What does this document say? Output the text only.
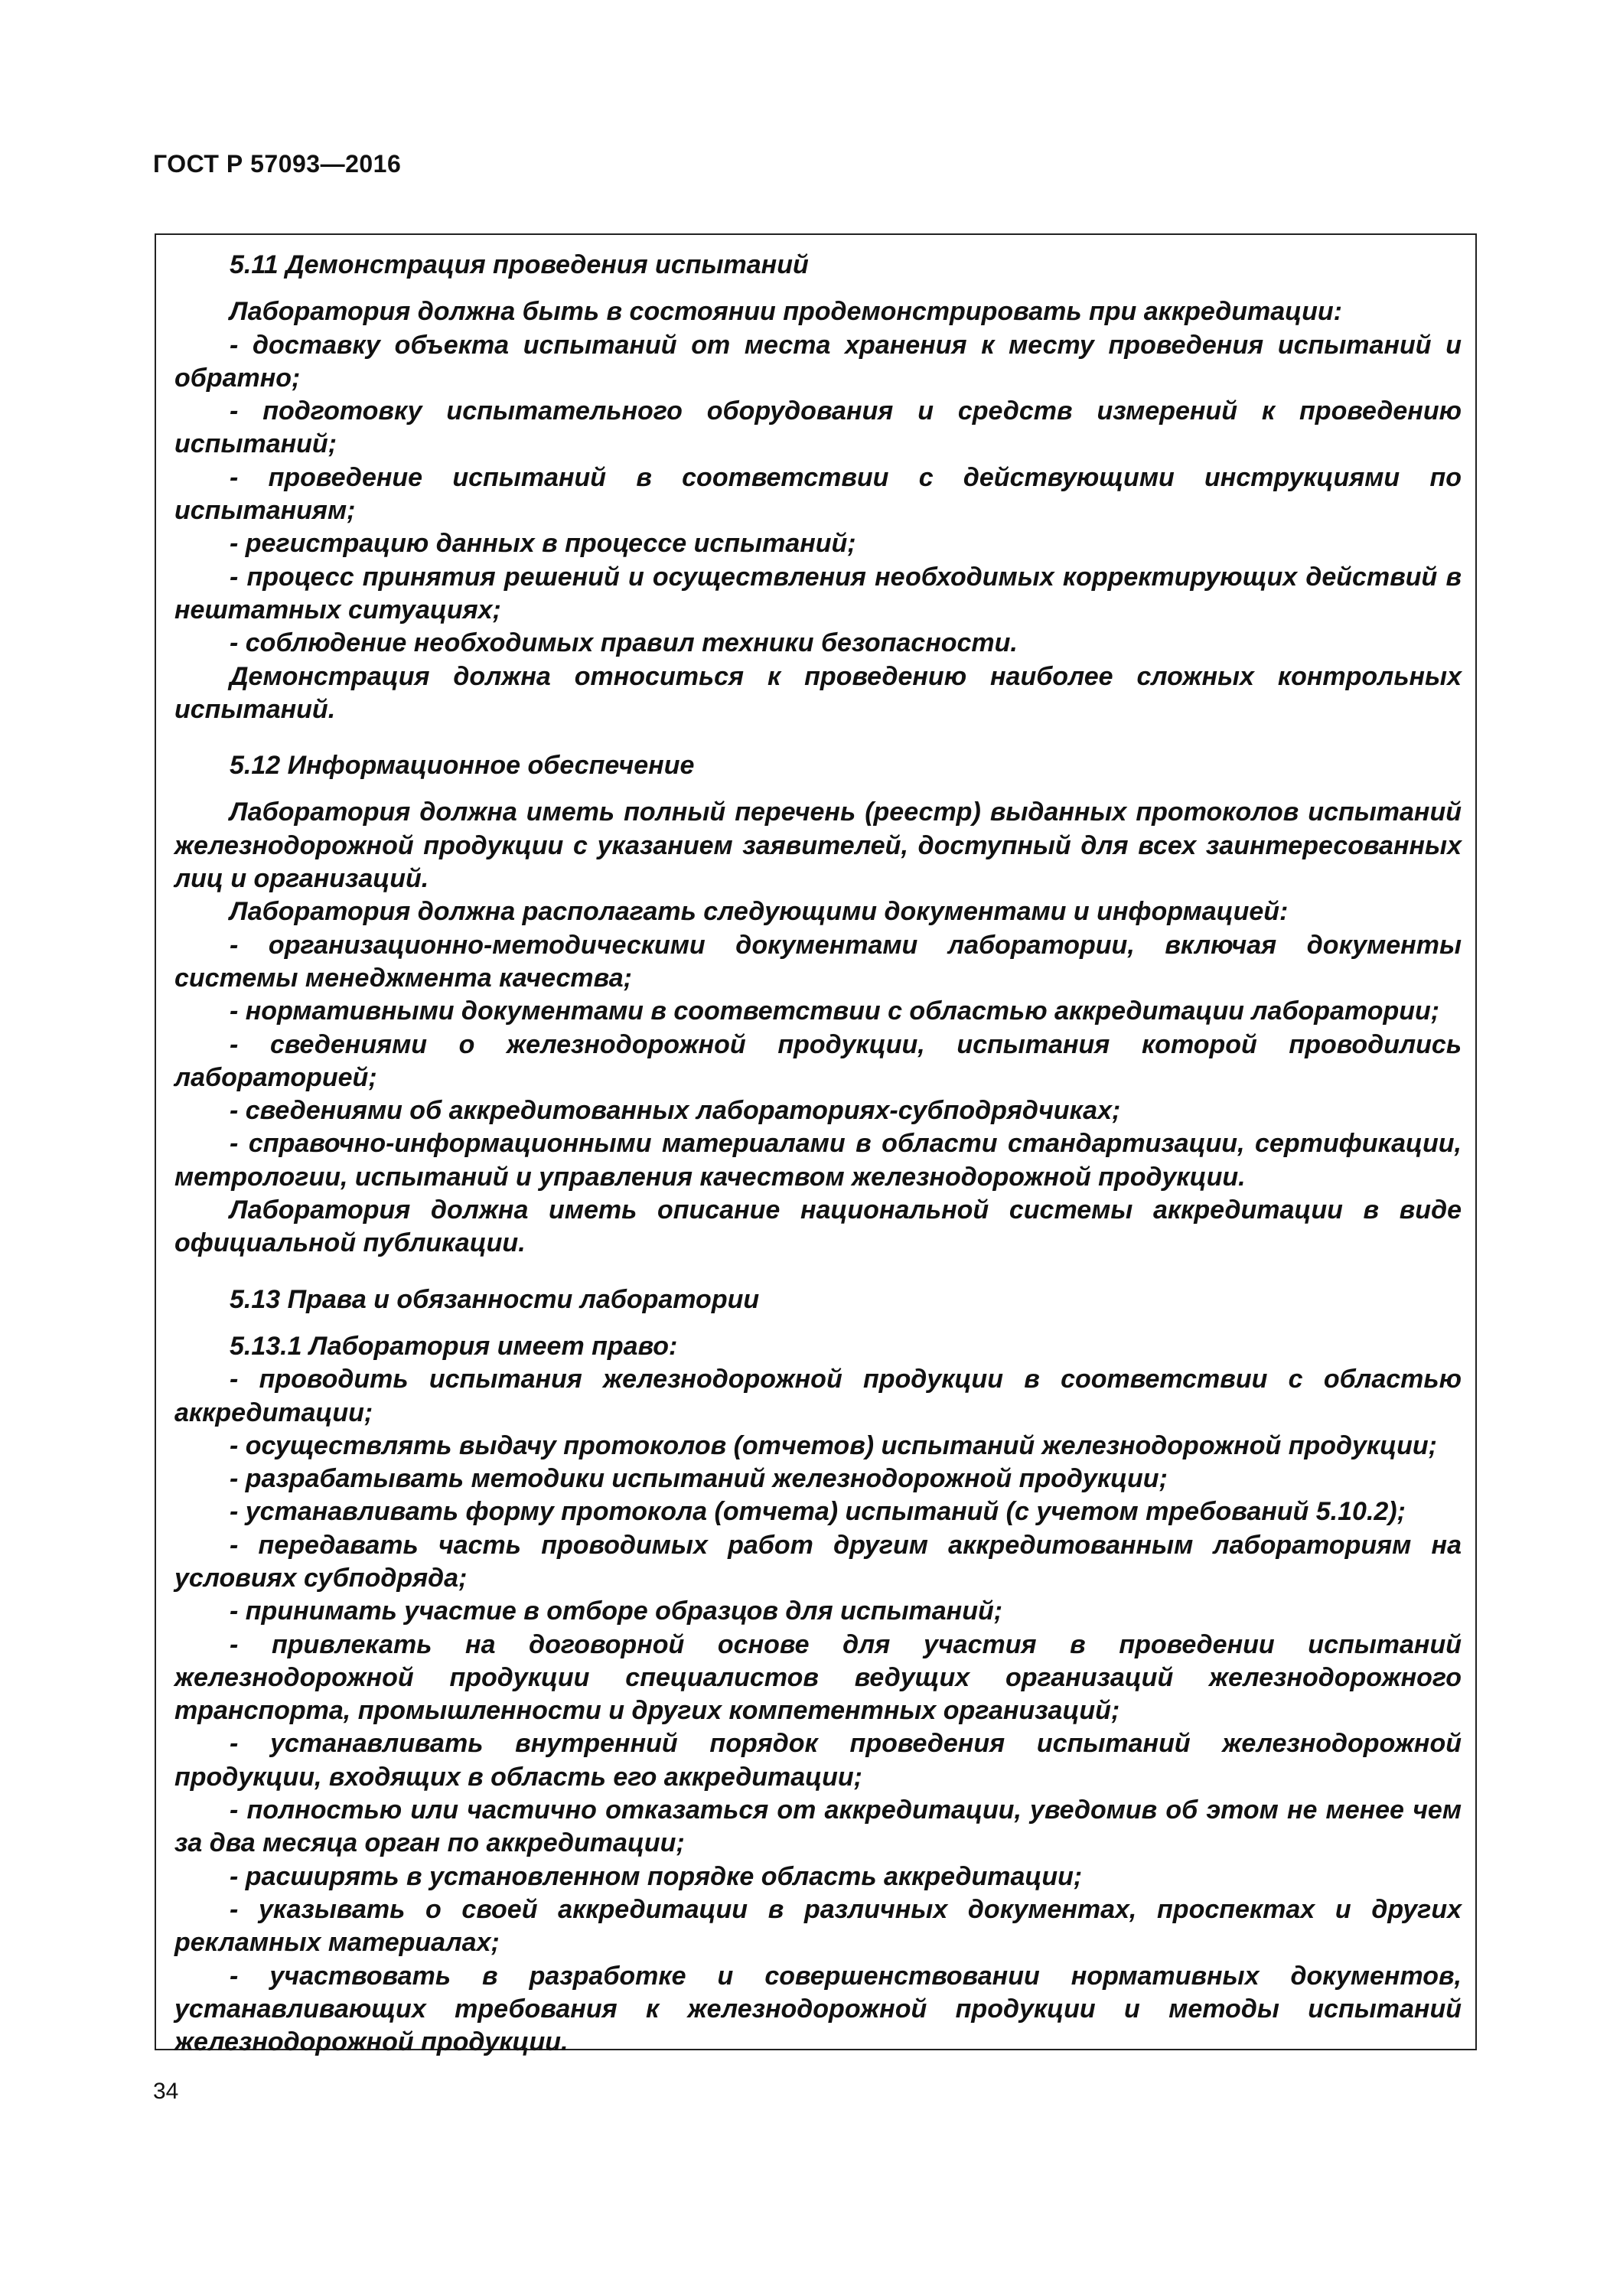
ГОСТ Р 57093—2016

5.11 Демонстрация проведения испытаний

Лаборатория должна быть в состоянии продемонстрировать при аккредитации:

- доставку объекта испытаний от места хранения к месту проведения испытаний и обратно;

- подготовку испытательного оборудования и средств измерений к проведению испытаний;

- проведение испытаний в соответствии с действующими инструкциями по испытаниям;

- регистрацию данных в процессе испытаний;

- процесс принятия решений и осуществления необходимых корректирующих действий в нештатных ситуациях;

- соблюдение необходимых правил техники безопасности.

Демонстрация должна относиться к проведению наиболее сложных контрольных испытаний.

5.12 Информационное обеспечение

Лаборатория должна иметь полный перечень (реестр) выданных протоколов испытаний железнодорожной продукции с указанием заявителей, доступный для всех заинтересованных лиц и организаций.

Лаборатория должна располагать следующими документами и информацией:

- организационно-методическими документами лаборатории, включая документы системы менеджмента качества;

- нормативными документами в соответствии с областью аккредитации лаборатории;

- сведениями о железнодорожной продукции, испытания которой проводились лабораторией;

- сведениями об аккредитованных лабораториях-субподрядчиках;

- справочно-информационными материалами в области стандартизации, сертификации, метрологии, испытаний и управления качеством железнодорожной продукции.

Лаборатория должна иметь описание национальной системы аккредитации в виде официальной публикации.

5.13 Права и обязанности лаборатории

5.13.1 Лаборатория имеет право:

- проводить испытания железнодорожной продукции в соответствии с областью аккредитации;

- осуществлять выдачу протоколов (отчетов) испытаний железнодорожной продукции;

- разрабатывать методики испытаний железнодорожной продукции;

- устанавливать форму протокола (отчета) испытаний (с учетом требований 5.10.2);

- передавать часть проводимых работ другим аккредитованным лабораториям на условиях субподряда;

- принимать участие в отборе образцов для испытаний;

- привлекать на договорной основе для участия в проведении испытаний железнодорожной продукции специалистов ведущих организаций железнодорожного транспорта, промышленности и других компетентных организаций;

- устанавливать внутренний порядок проведения испытаний железнодорожной продукции, входящих в область его аккредитации;

- полностью или частично отказаться от аккредитации, уведомив об этом не менее чем за два месяца орган по аккредитации;

- расширять в установленном порядке область аккредитации;

- указывать о своей аккредитации в различных документах, проспектах и других рекламных материалах;

- участвовать в разработке и совершенствовании нормативных документов, устанавливающих требования к железнодорожной продукции и методы испытаний железнодорожной продукции.

34
